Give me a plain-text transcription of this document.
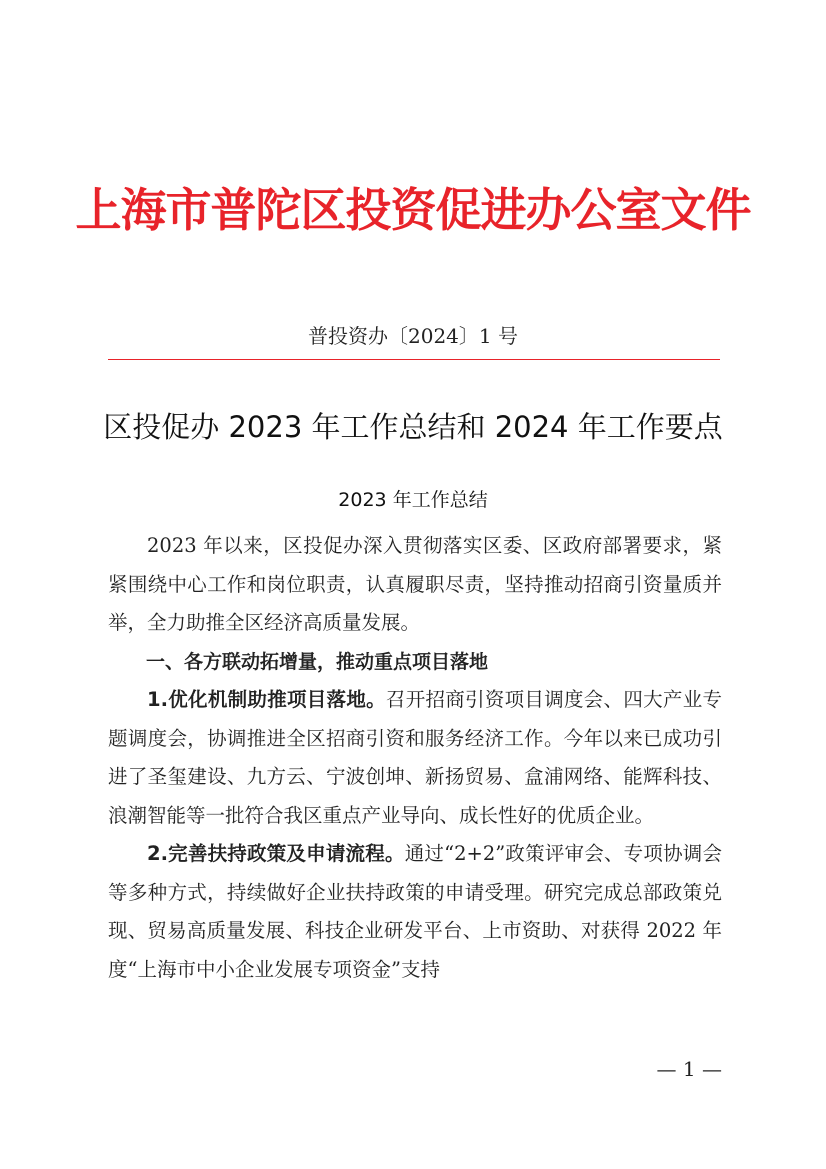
上海市普陀区投资促进办公室文件
普投资办〔2024〕1 号
区投促办 2023 年工作总结和 2024 年工作要点
2023 年工作总结

2023 年以来，区投促办深入贯彻落实区委、区政府部署要求，紧紧围绕中心工作和岗位职责，认真履职尽责，坚持推动招商引资量质并举，全力助推全区经济高质量发展。

一、各方联动拓增量，推动重点项目落地

1.优化机制助推项目落地。召开招商引资项目调度会、四大产业专题调度会，协调推进全区招商引资和服务经济工作。今年以来已成功引进了圣玺建设、九方云、宁波创坤、新扬贸易、盒浦网络、能辉科技、浪潮智能等一批符合我区重点产业导向、成长性好的优质企业。

2.完善扶持政策及申请流程。通过“2+2”政策评审会、专项协调会等多种方式，持续做好企业扶持政策的申请受理。研究完成总部政策兑现、贸易高质量发展、科技企业研发平台、上市资助、对获得 2022 年度“上海市中小企业发展专项资金”支持

— 1 —
